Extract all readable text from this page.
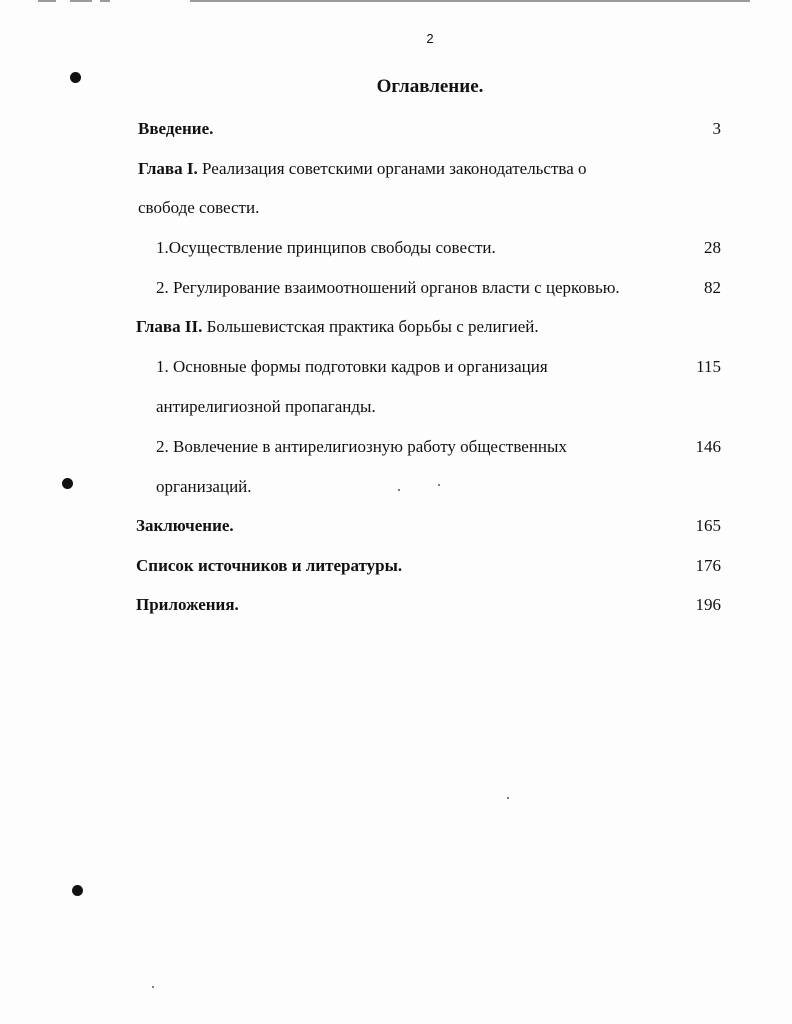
2
Оглавление.
Введение.	3
Глава I. Реализация советскими органами законодательства о
свободе совести.
1.Осуществление принципов свободы совести.	28
2. Регулирование взаимоотношений органов власти с церковью.	82
Глава II. Большевистская практика борьбы с религией.
1. Основные формы подготовки кадров и организация	115
антирелигиозной пропаганды.
2. Вовлечение в антирелигиозную работу общественных	146
организаций.
Заключение.	165
Список источников и литературы.	176
Приложения.	196
